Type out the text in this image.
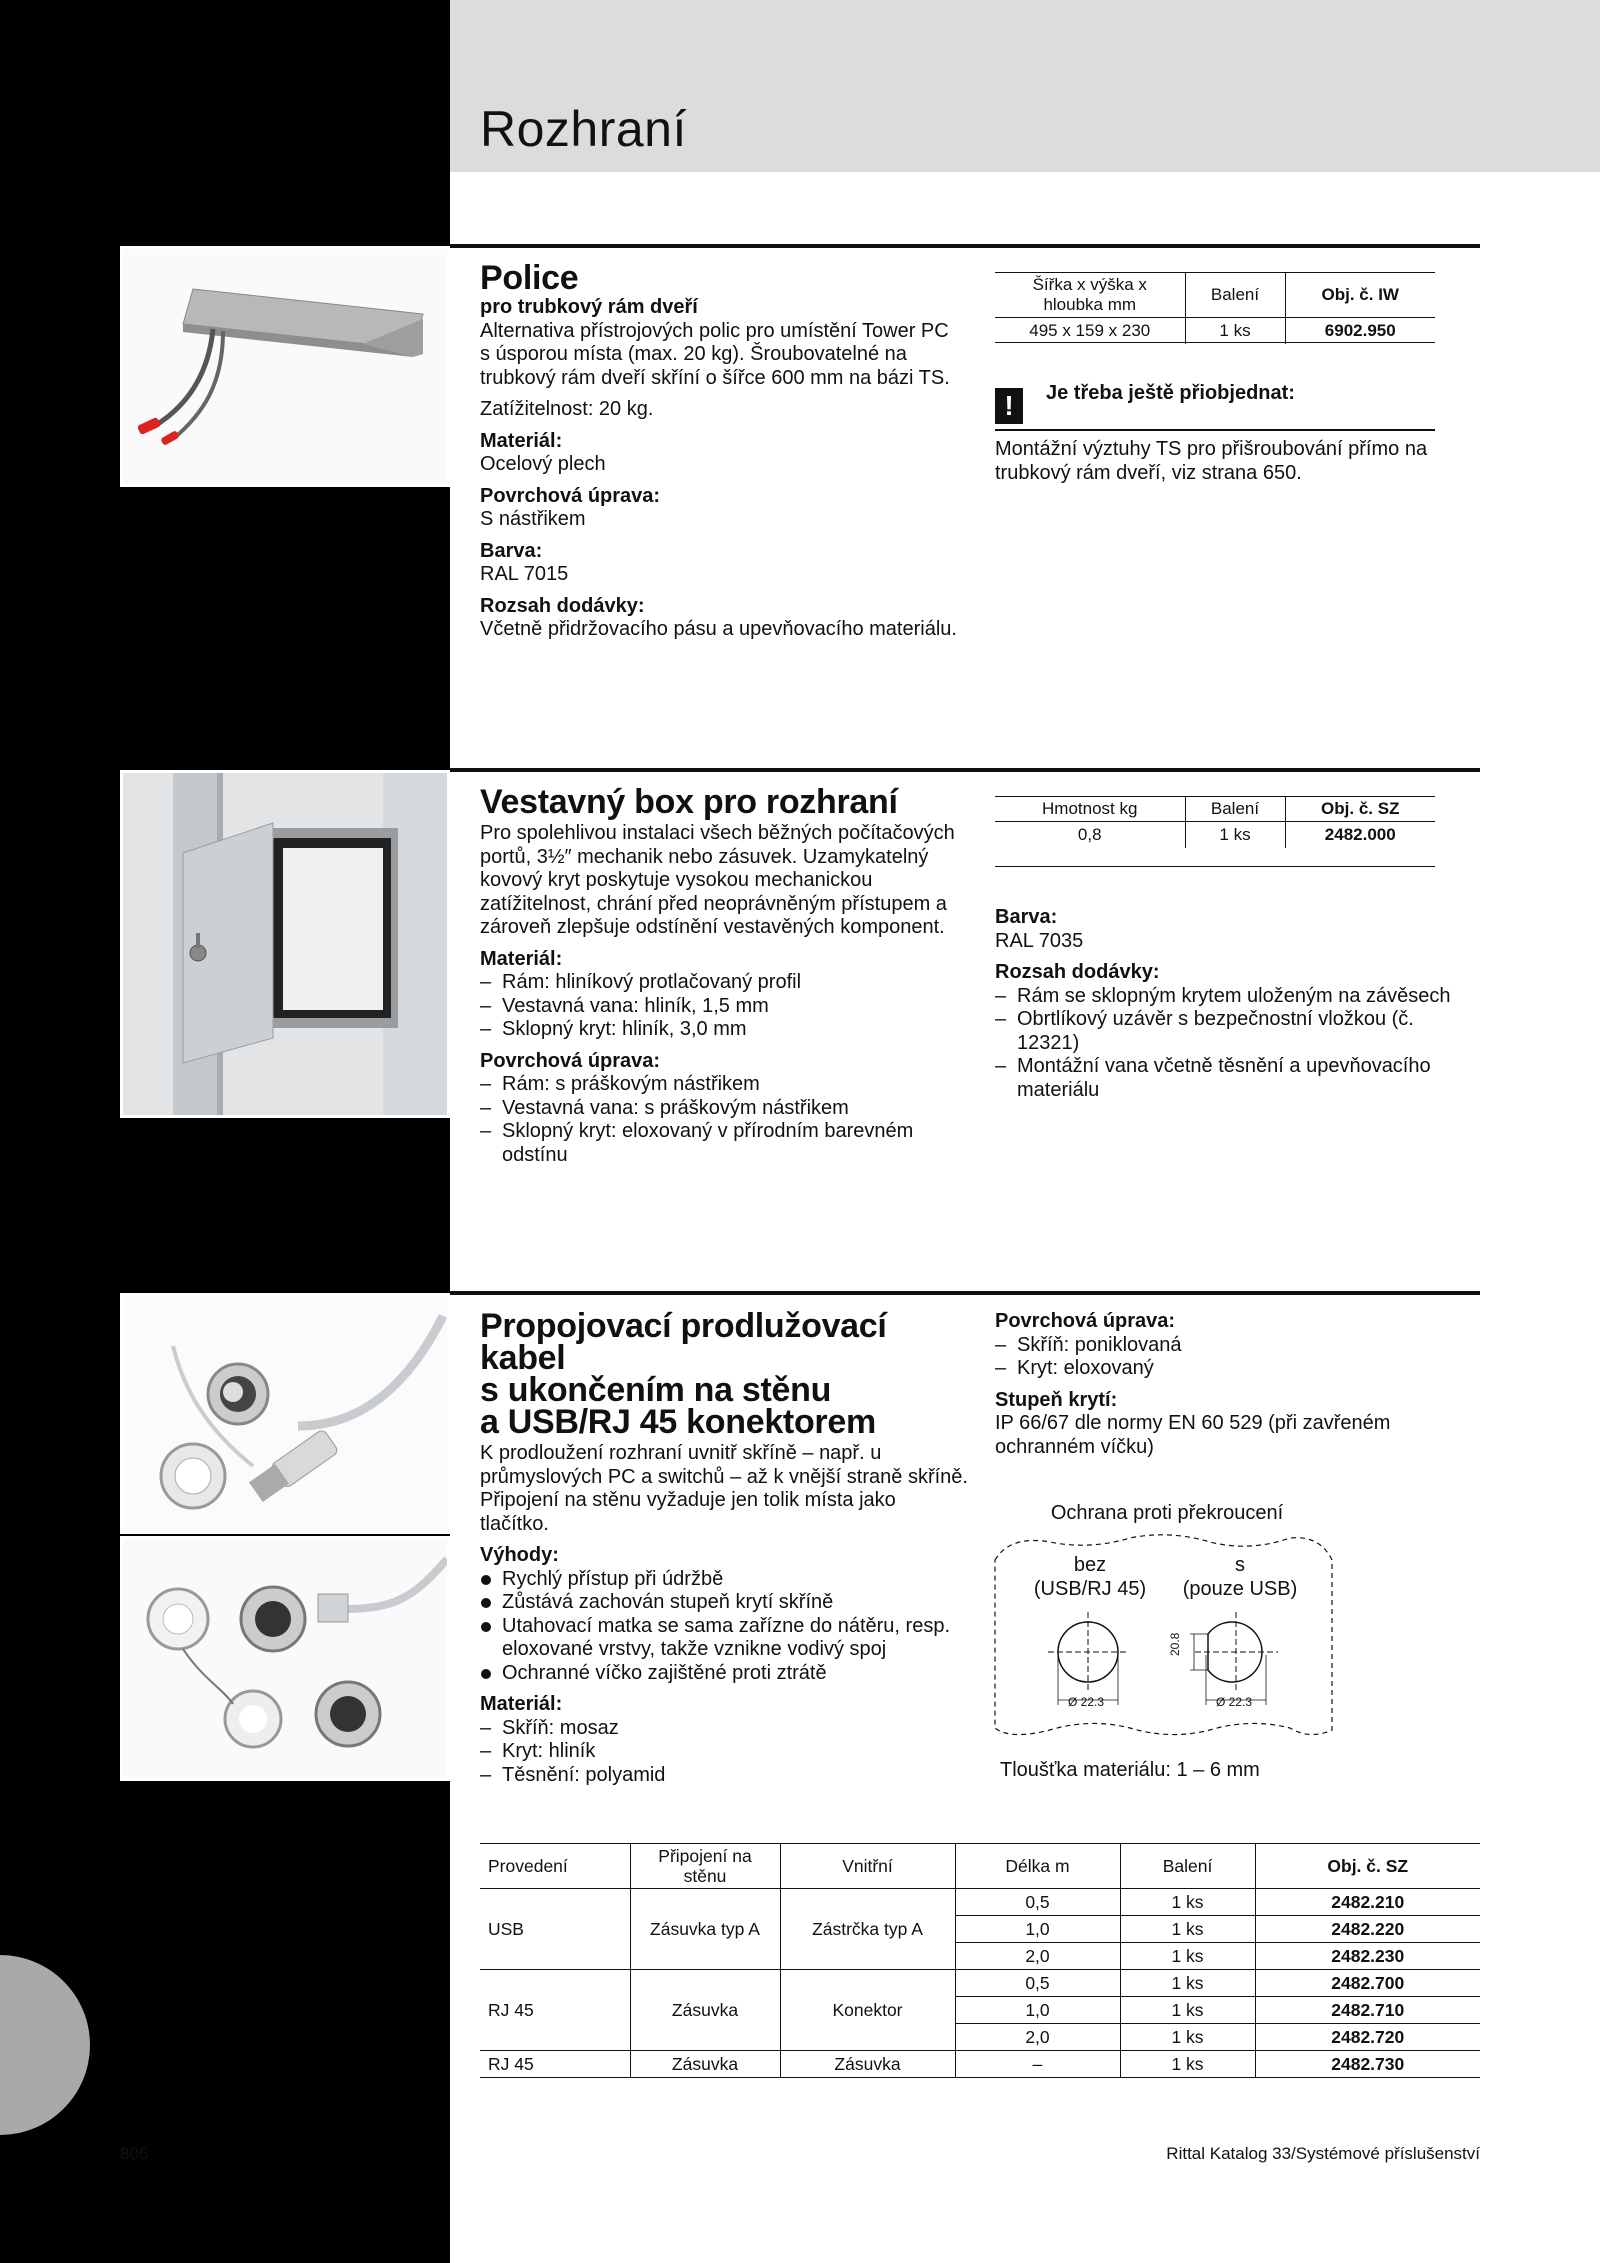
Rozhraní
Police
pro trubkový rám dveří
Alternativa přístrojových polic pro umístění Tower PC s úsporou místa (max. 20 kg). Šroubovatelné na trubkový rám dveří skříní o šířce 600 mm na bázi TS.
Zatížitelnost: 20 kg.
Materiál:
Ocelový plech
Povrchová úprava:
S nástřikem
Barva:
RAL 7015
Rozsah dodávky:
Včetně přidržovacího pásu a upevňovacího materiálu.
Šířka x výška x hloubka mm	Balení	Obj. č. IW
495 x 159 x 230	1 ks	6902.950
!	Je třeba ještě přiobjednat:
Montážní výztuhy TS pro přišroubování přímo na trubkový rám dveří, viz strana 650.
Vestavný box pro rozhraní
Pro spolehlivou instalaci všech běžných počítačových portů, 3½″ mechanik nebo zásuvek. Uzamykatelný kovový kryt poskytuje vysokou mechanickou zatížitelnost, chrání před neoprávněným přístupem a zároveň zlepšuje odstínění vestavěných komponent.
Materiál:
– Rám: hliníkový protlačovaný profil
– Vestavná vana: hliník, 1,5 mm
– Sklopný kryt: hliník, 3,0 mm
Povrchová úprava:
– Rám: s práškovým nástřikem
– Vestavná vana: s práškovým nástřikem
– Sklopný kryt: eloxovaný v přírodním barevném odstínu
Hmotnost kg	Balení	Obj. č. SZ
0,8	1 ks	2482.000
Barva:
RAL 7035
Rozsah dodávky:
– Rám se sklopným krytem uloženým na závěsech
– Obrtlíkový uzávěr s bezpečnostní vložkou (č. 12321)
– Montážní vana včetně těsnění a upevňovacího materiálu
Propojovací prodlužovací kabel
s ukončením na stěnu
a USB/RJ 45 konektorem
K prodloužení rozhraní uvnitř skříně – např. u průmyslových PC a switchů – až k vnější straně skříně. Připojení na stěnu vyžaduje jen tolik místa jako tlačítko.
Výhody:
Rychlý přístup při údržbě
Zůstává zachován stupeň krytí skříně
Utahovací matka se sama zaříznе do nátěru, resp. eloxované vrstvy, takže vznikne vodivý spoj
Ochranné víčko zajištěné proti ztrátě
Materiál:
– Skříň: mosaz
– Kryt: hliník
– Těsnění: polyamid
Povrchová úprava:
– Skříň: poniklovaná
– Kryt: eloxovaný
Stupeň krytí:
IP 66/67 dle normy EN 60 529 (při zavřeném ochranném víčku)
Ochrana proti překroucení
bez
(USB/RJ 45)
s
(pouze USB)
Ø 22.3	Ø 22.3
20.8
Tloušťka materiálu: 1 – 6 mm
Provedení	Připojení na stěnu	Vnitřní	Délka m	Balení	Obj. č. SZ
USB	Zásuvka typ A	Zástrčka typ A	0,5	1 ks	2482.210
			1,0	1 ks	2482.220
			2,0	1 ks	2482.230
RJ 45	Zásuvka	Konektor	0,5	1 ks	2482.700
			1,0	1 ks	2482.710
			2,0	1 ks	2482.720
RJ 45	Zásuvka	Zásuvka	–	1 ks	2482.730
806	Rittal Katalog 33/Systémové příslušenství
